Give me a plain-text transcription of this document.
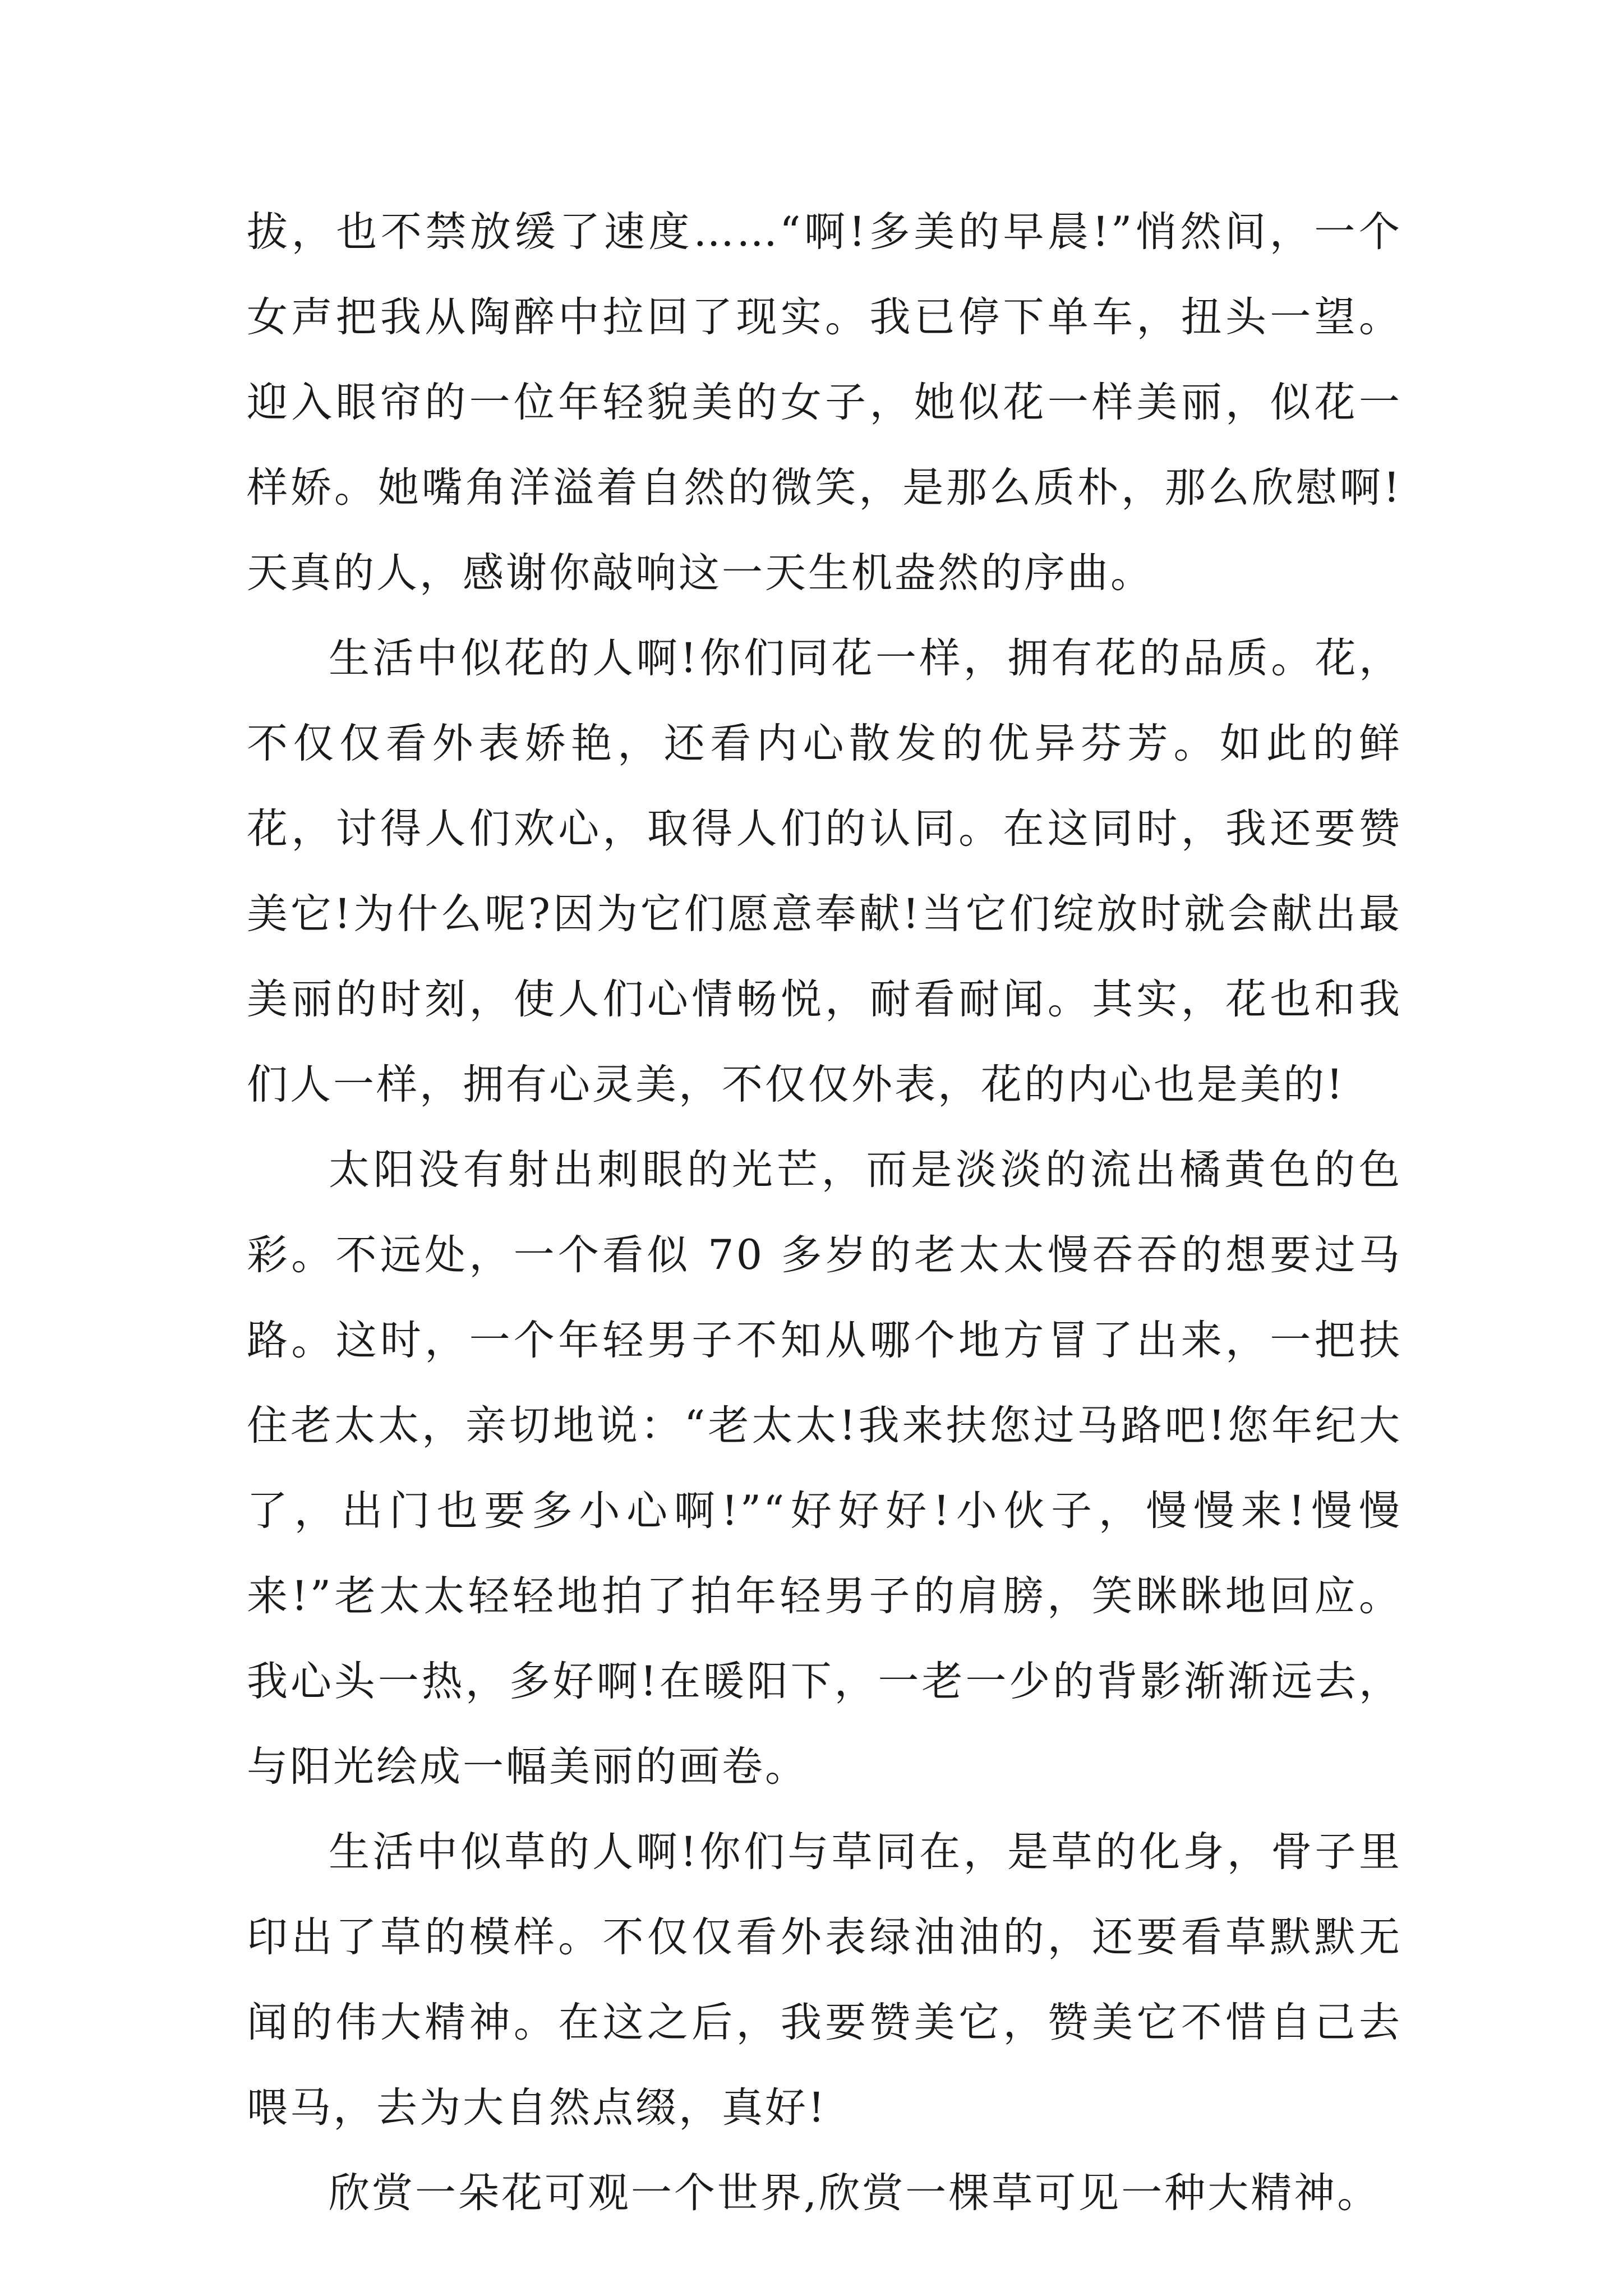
拔，也不禁放缓了速度……“啊!多美的早晨!”悄然间，一个女声把我从陶醉中拉回了现实。我已停下单车，扭头一望。迎入眼帘的一位年轻貌美的女子，她似花一样美丽，似花一样娇。她嘴角洋溢着自然的微笑，是那么质朴，那么欣慰啊!天真的人，感谢你敲响这一天生机盎然的序曲。

生活中似花的人啊!你们同花一样，拥有花的品质。花，不仅仅看外表娇艳，还看内心散发的优异芬芳。如此的鲜花，讨得人们欢心，取得人们的认同。在这同时，我还要赞美它!为什么呢?因为它们愿意奉献!当它们绽放时就会献出最美丽的时刻，使人们心情畅悦，耐看耐闻。其实，花也和我们人一样，拥有心灵美，不仅仅外表，花的内心也是美的!

太阳没有射出刺眼的光芒，而是淡淡的流出橘黄色的色彩。不远处，一个看似 70 多岁的老太太慢吞吞的想要过马路。这时，一个年轻男子不知从哪个地方冒了出来，一把扶住老太太，亲切地说：“老太太!我来扶您过马路吧!您年纪大了，出门也要多小心啊!”“好好好!小伙子，慢慢来!慢慢来!”老太太轻轻地拍了拍年轻男子的肩膀，笑眯眯地回应。我心头一热，多好啊!在暖阳下，一老一少的背影渐渐远去，与阳光绘成一幅美丽的画卷。

生活中似草的人啊!你们与草同在，是草的化身，骨子里印出了草的模样。不仅仅看外表绿油油的，还要看草默默无闻的伟大精神。在这之后，我要赞美它，赞美它不惜自己去喂马，去为大自然点缀，真好!

欣赏一朵花可观一个世界,欣赏一棵草可见一种大精神。
